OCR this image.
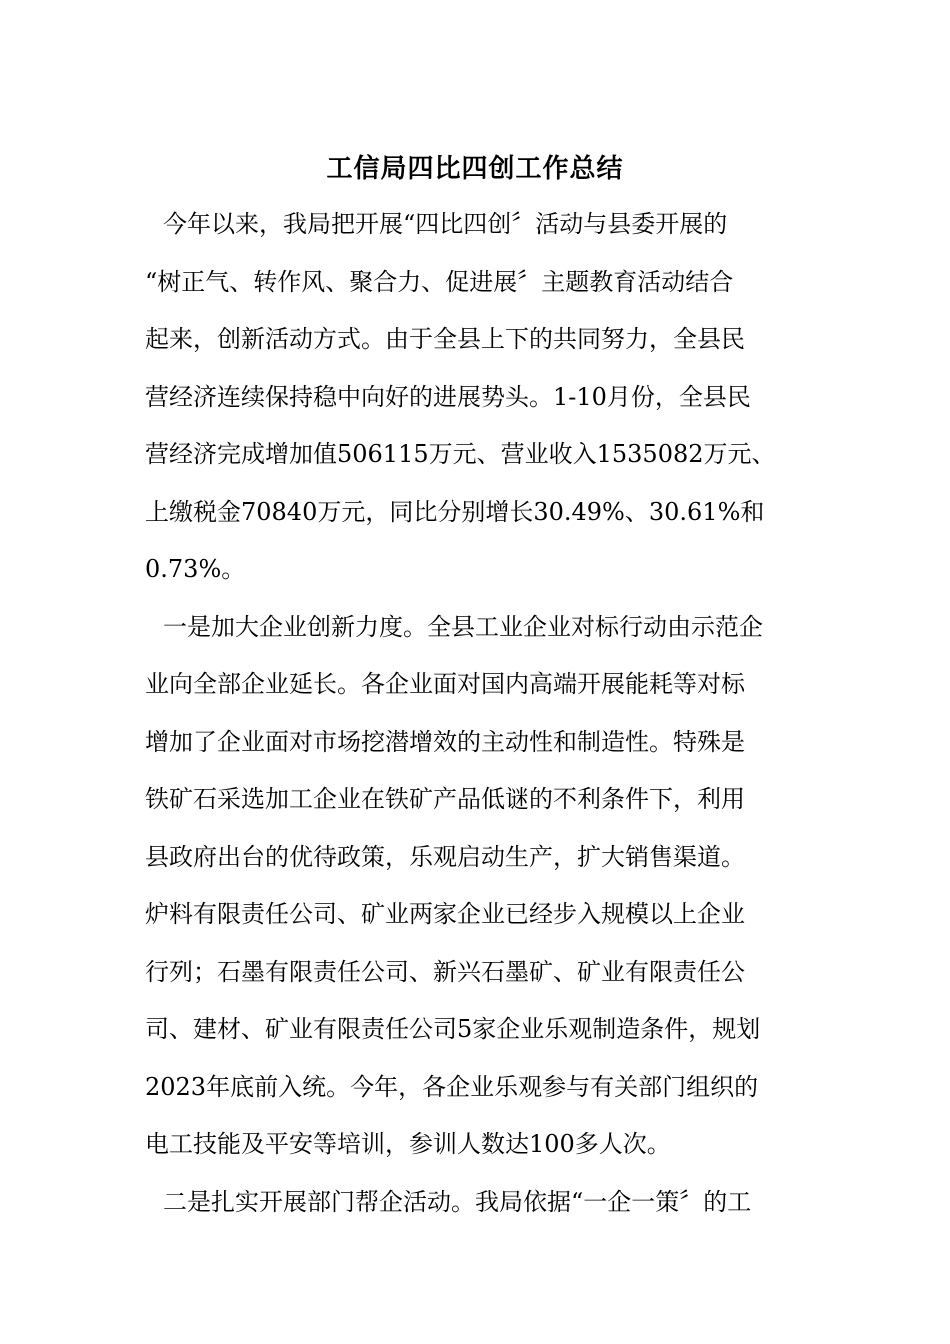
工信局四比四创工作总结
今年以来，我局把开展“四比四创〞活动与县委开展的
“树正气、转作风、聚合力、促进展〞主题教育活动结合
起来，创新活动方式。由于全县上下的共同努力，全县民
营经济连续保持稳中向好的进展势头。1-10月份，全县民
营经济完成增加值506115万元、营业收入1535082万元、
上缴税金70840万元，同比分别增长30.49%、30.61%和
0.73%。
一是加大企业创新力度。全县工业企业对标行动由示范企
业向全部企业延长。各企业面对国内高端开展能耗等对标
增加了企业面对市场挖潜增效的主动性和制造性。特殊是
铁矿石采选加工企业在铁矿产品低谜的不利条件下，利用
县政府出台的优待政策，乐观启动生产，扩大销售渠道。
炉料有限责任公司、矿业两家企业已经步入规模以上企业
行列；石墨有限责任公司、新兴石墨矿、矿业有限责任公
司、建材、矿业有限责任公司5家企业乐观制造条件，规划
2023年底前入统。今年，各企业乐观参与有关部门组织的
电工技能及平安等培训，参训人数达100多人次。
二是扎实开展部门帮企活动。我局依据“一企一策〞的工
